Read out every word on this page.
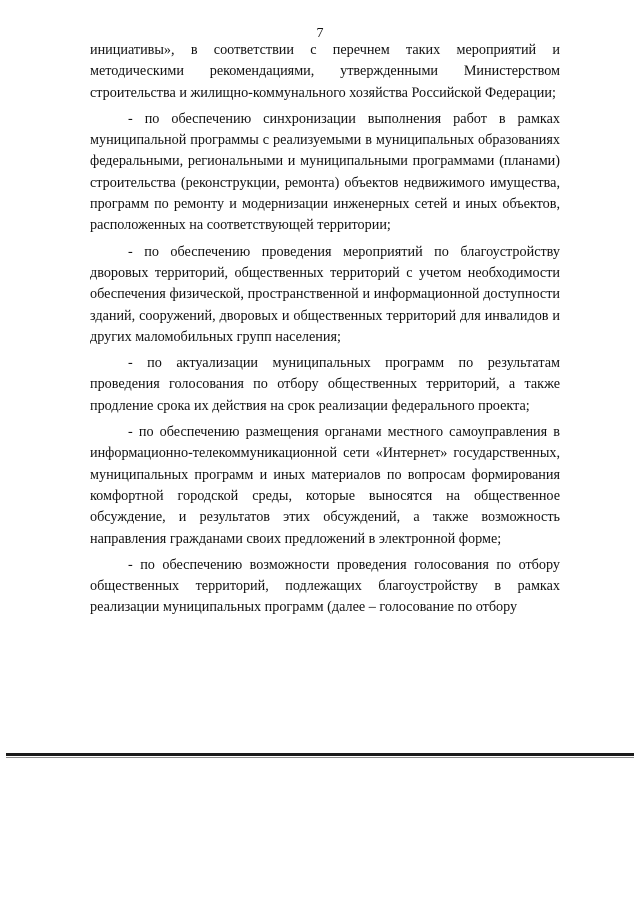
7

инициативы», в соответствии с перечнем таких мероприятий и методическими рекомендациями, утвержденными Министерством строительства и жилищно-коммунального хозяйства Российской Федерации;

- по обеспечению синхронизации выполнения работ в рамках муниципальной программы с реализуемыми в муниципальных образованиях федеральными, региональными и муниципальными программами (планами) строительства (реконструкции, ремонта) объектов недвижимого имущества, программ по ремонту и модернизации инженерных сетей и иных объектов, расположенных на соответствующей территории;

- по обеспечению проведения мероприятий по благоустройству дворовых территорий, общественных территорий с учетом необходимости обеспечения физической, пространственной и информационной доступности зданий, сооружений, дворовых и общественных территорий для инвалидов и других маломобильных групп населения;

- по актуализации муниципальных программ по результатам проведения голосования по отбору общественных территорий, а также продление срока их действия на срок реализации федерального проекта;

- по обеспечению размещения органами местного самоуправления в информационно-телекоммуникационной сети «Интернет» государственных, муниципальных программ и иных материалов по вопросам формирования комфортной городской среды, которые выносятся на общественное обсуждение, и результатов этих обсуждений, а также возможность направления гражданами своих предложений в электронной форме;

- по обеспечению возможности проведения голосования по отбору общественных территорий, подлежащих благоустройству в рамках реализации муниципальных программ (далее – голосование по отбору
